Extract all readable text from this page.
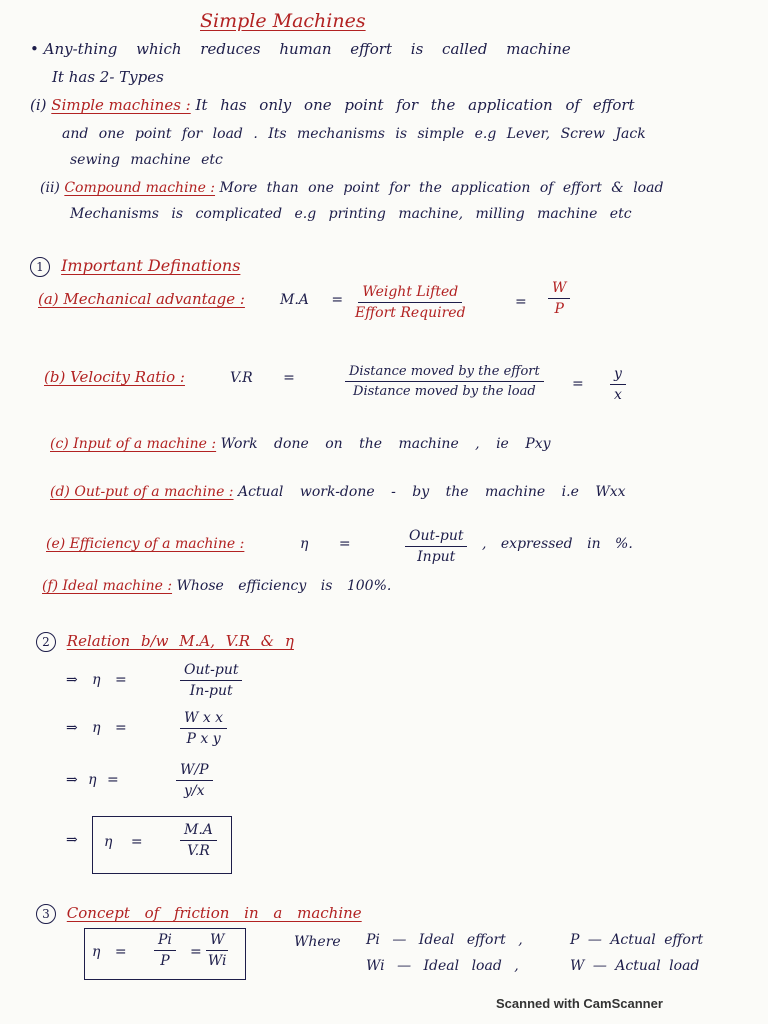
Simple Machines
• Any-thing which reduces human effort is called machine
It has 2- Types
(i) Simple machines : It has only one point for the application of effort
and one point for load . Its mechanisms is simple e.g Lever, Screw Jack
sewing machine etc
(ii) Compound machine : More than one point for the application of effort & load
Mechanisms is complicated e.g printing machine, milling machine etc
1 Important Definations
(a) Mechanical advantage :	M.A = Weight Lifted
Effort Required
= $\frac{W}{P}$
(b) Velocity Ratio :	V.R =	Distance moved by the effort
Distance moved by the load	= $\frac{y}{x}$
(c) Input of a machine : Work done on the machine , ie Pxy
(d) Out-put of a machine : Actual work-done - by the machine i.e Wxx
(e) Efficiency of a machine :	η =	Out-put
Input
, expressed in %.
(f) Ideal machine : Whose efficiency is 100%.
2 Relation b/w M.A, V.R & η
⇒ η =
Out-put
In-put
⇒ η =	$\frac{\text{W x x}}{\text{P x y}}$
⇒ η =	$\frac{W/P}{y/x}$
⇒ η =	$\frac{M.A}{V.R}$
3 Concept of friction in a machine
$\eta = \frac{Pi}{P} = \frac{W}{Wi}$	Where Pi — Ideal effort ,
Wi — Ideal load ,
P — Actual effort
W — Actual load
Scanned with CamScanner
